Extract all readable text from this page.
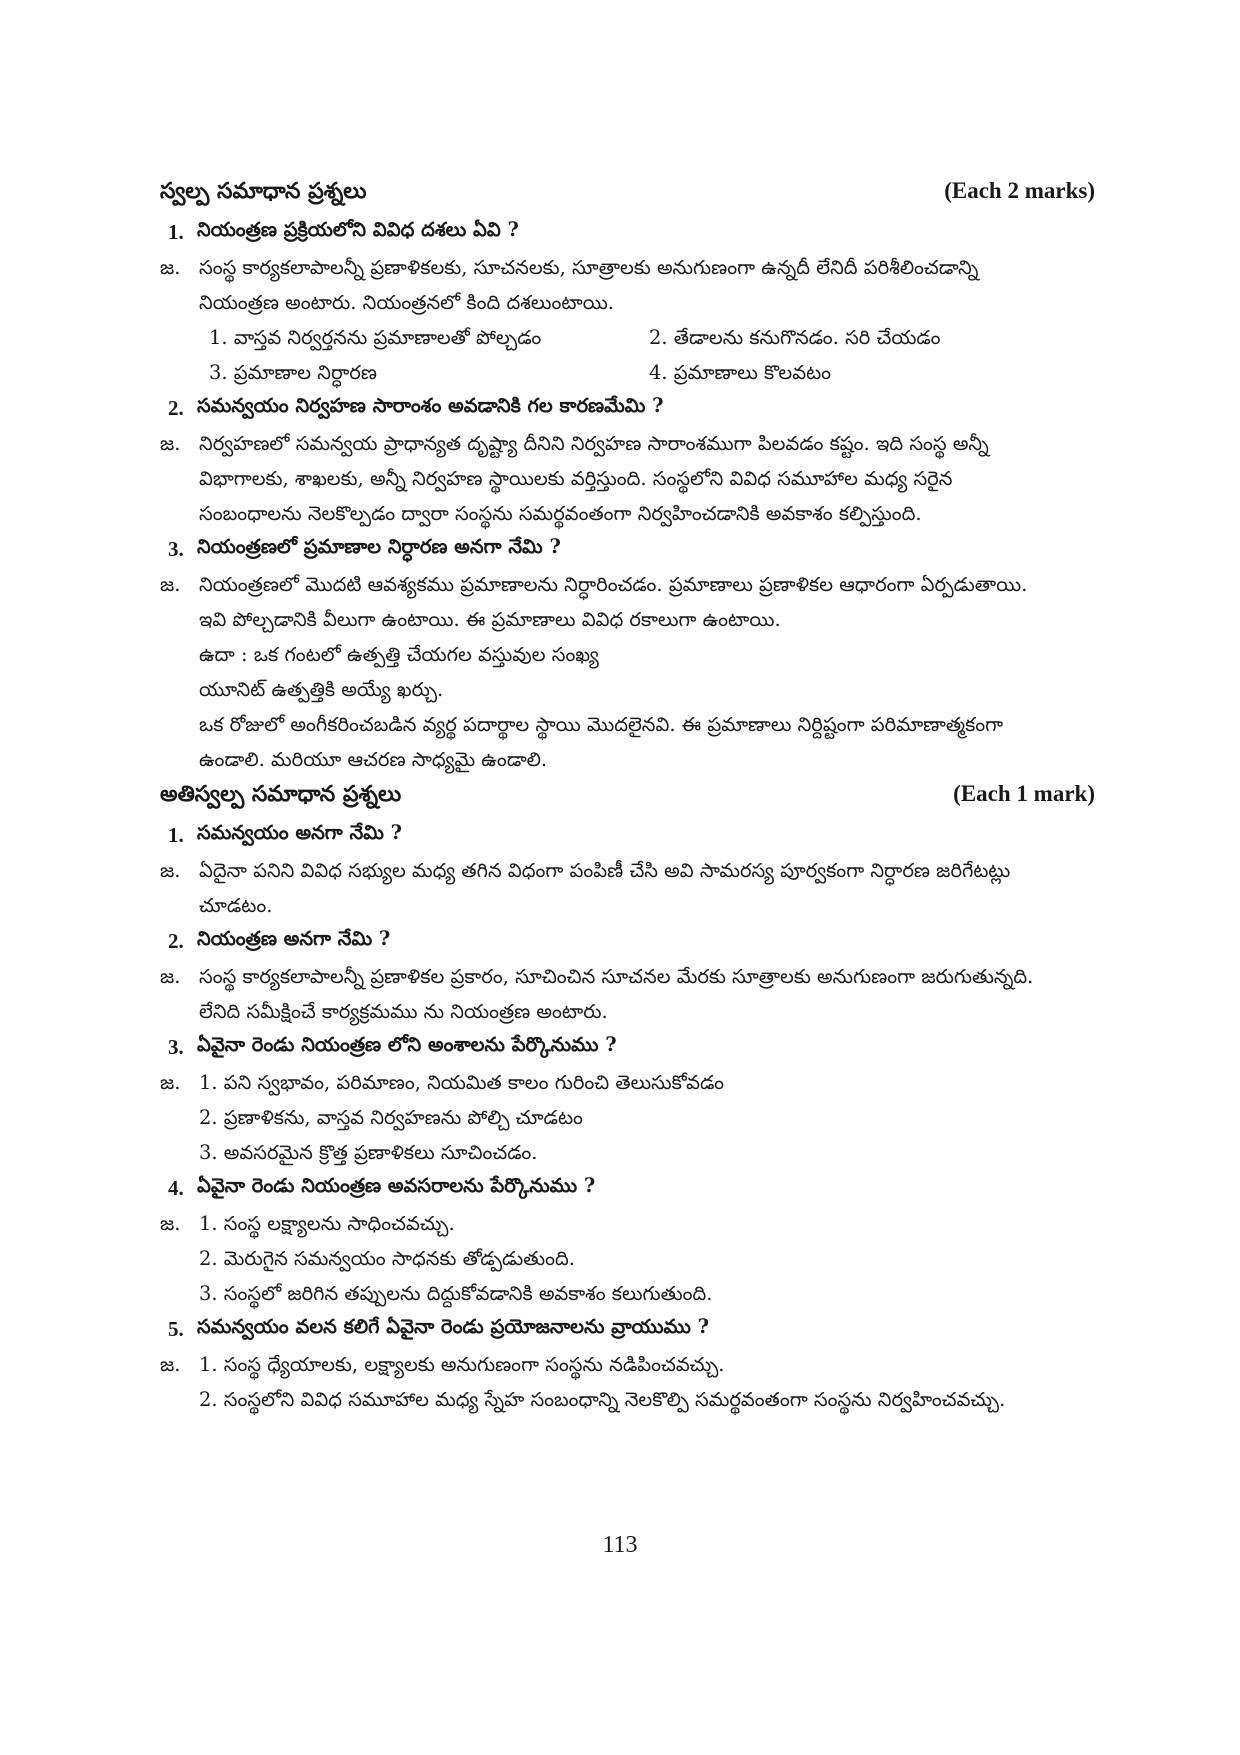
స్వల్ప సమాధాన ప్రశ్నలు	(Each 2 marks)
1. నియంత్రణ ప్రక్రియలోని వివిధ దశలు ఏవి ?
జ. సంస్థ కార్యకలాపాలన్నీ ప్రణాళికలకు, సూచనలకు, సూత్రాలకు అనుగుణంగా ఉన్నదీ లేనిదీ పరిశీలించడాన్ని
నియంత్రణ అంటారు. నియంత్రనలో కింది దశలుంటాయి.
1. వాస్తవ నిర్వర్తనను ప్రమాణాలతో పోల్చడం	2. తేడాలను కనుగొనడం. సరి చేయడం
3. ప్రమాణాల నిర్ధారణ	4. ప్రమాణాలు కొలవటం
2. సమన్వయం నిర్వహణ సారాంశం అవడానికి గల కారణమేమి ?
జ. నిర్వహణలో సమన్వయ ప్రాధాన్యత దృష్ట్యా దీనిని నిర్వహణ సారాంశముగా పిలవడం కష్టం. ఇది సంస్థ అన్నీ
విభాగాలకు, శాఖలకు, అన్నీ నిర్వహణ స్థాయిలకు వర్తిస్తుంది. సంస్థలోని వివిధ సమూహాల మధ్య సరైన
సంబంధాలను నెలకొల్పడం ద్వారా సంస్థను సమర్థవంతంగా నిర్వహించడానికి అవకాశం కల్పిస్తుంది.
3. నియంత్రణలో ప్రమాణాల నిర్ధారణ అనగా నేమి ?
జ. నియంత్రణలో మొదటి ఆవశ్యకము ప్రమాణాలను నిర్ధారించడం. ప్రమాణాలు ప్రణాళికల ఆధారంగా ఏర్పడుతాయి.
ఇవి పోల్చడానికి వీలుగా ఉంటాయి. ఈ ప్రమాణాలు వివిధ రకాలుగా ఉంటాయి.
ఉదా : ఒక గంటలో ఉత్పత్తి చేయగల వస్తువుల సంఖ్య
యూనిట్ ఉత్పత్తికి అయ్యే ఖర్చు.
ఒక రోజులో అంగీకరించబడిన వ్యర్థ పదార్థాల స్థాయి మొదలైనవి. ఈ ప్రమాణాలు నిర్దిష్టంగా పరిమాణాత్మకంగా
ఉండాలి. మరియూ ఆచరణ సాధ్యమై ఉండాలి.
అతిస్వల్ప సమాధాన ప్రశ్నలు	(Each 1 mark)
1. సమన్వయం అనగా నేమి ?
జ. ఏదైనా పనిని వివిధ సభ్యుల మధ్య తగిన విధంగా పంపిణీ చేసి అవి సామరస్య పూర్వకంగా నిర్ధారణ జరిగేటట్లు
చూడటం.
2. నియంత్రణ అనగా నేమి ?
జ. సంస్థ కార్యకలాపాలన్నీ ప్రణాళికల ప్రకారం, సూచించిన సూచనల మేరకు సూత్రాలకు అనుగుణంగా జరుగుతున్నది.
లేనిది సమీక్షించే కార్యక్రమము ను నియంత్రణ అంటారు.
3. ఏవైనా రెండు నియంత్రణ లోని అంశాలను పేర్కొనుము ?
జ. 1. పని స్వభావం, పరిమాణం, నియమిత కాలం గురించి తెలుసుకోవడం
2. ప్రణాళికను, వాస్తవ నిర్వహణను పోల్చి చూడటం
3. అవసరమైన క్రొత్త ప్రణాళికలు సూచించడం.
4. ఏవైనా రెండు నియంత్రణ అవసరాలను పేర్కొనుము ?
జ. 1. సంస్థ లక్ష్యాలను సాధించవచ్చు.
2. మెరుగైన సమన్వయం సాధనకు తోడ్పడుతుంది.
3. సంస్థలో జరిగిన తప్పులను దిద్దుకోవడానికి అవకాశం కలుగుతుంది.
5. సమన్వయం వలన కలిగే ఏవైనా రెండు ప్రయోజనాలను వ్రాయుము ?
జ. 1. సంస్థ ధ్యేయాలకు, లక్ష్యాలకు అనుగుణంగా సంస్థను నడిపించవచ్చు.
2. సంస్థలోని వివిధ సమూహాల మధ్య స్నేహ సంబంధాన్ని నెలకొల్పి సమర్థవంతంగా సంస్థను నిర్వహించవచ్చు.
113
